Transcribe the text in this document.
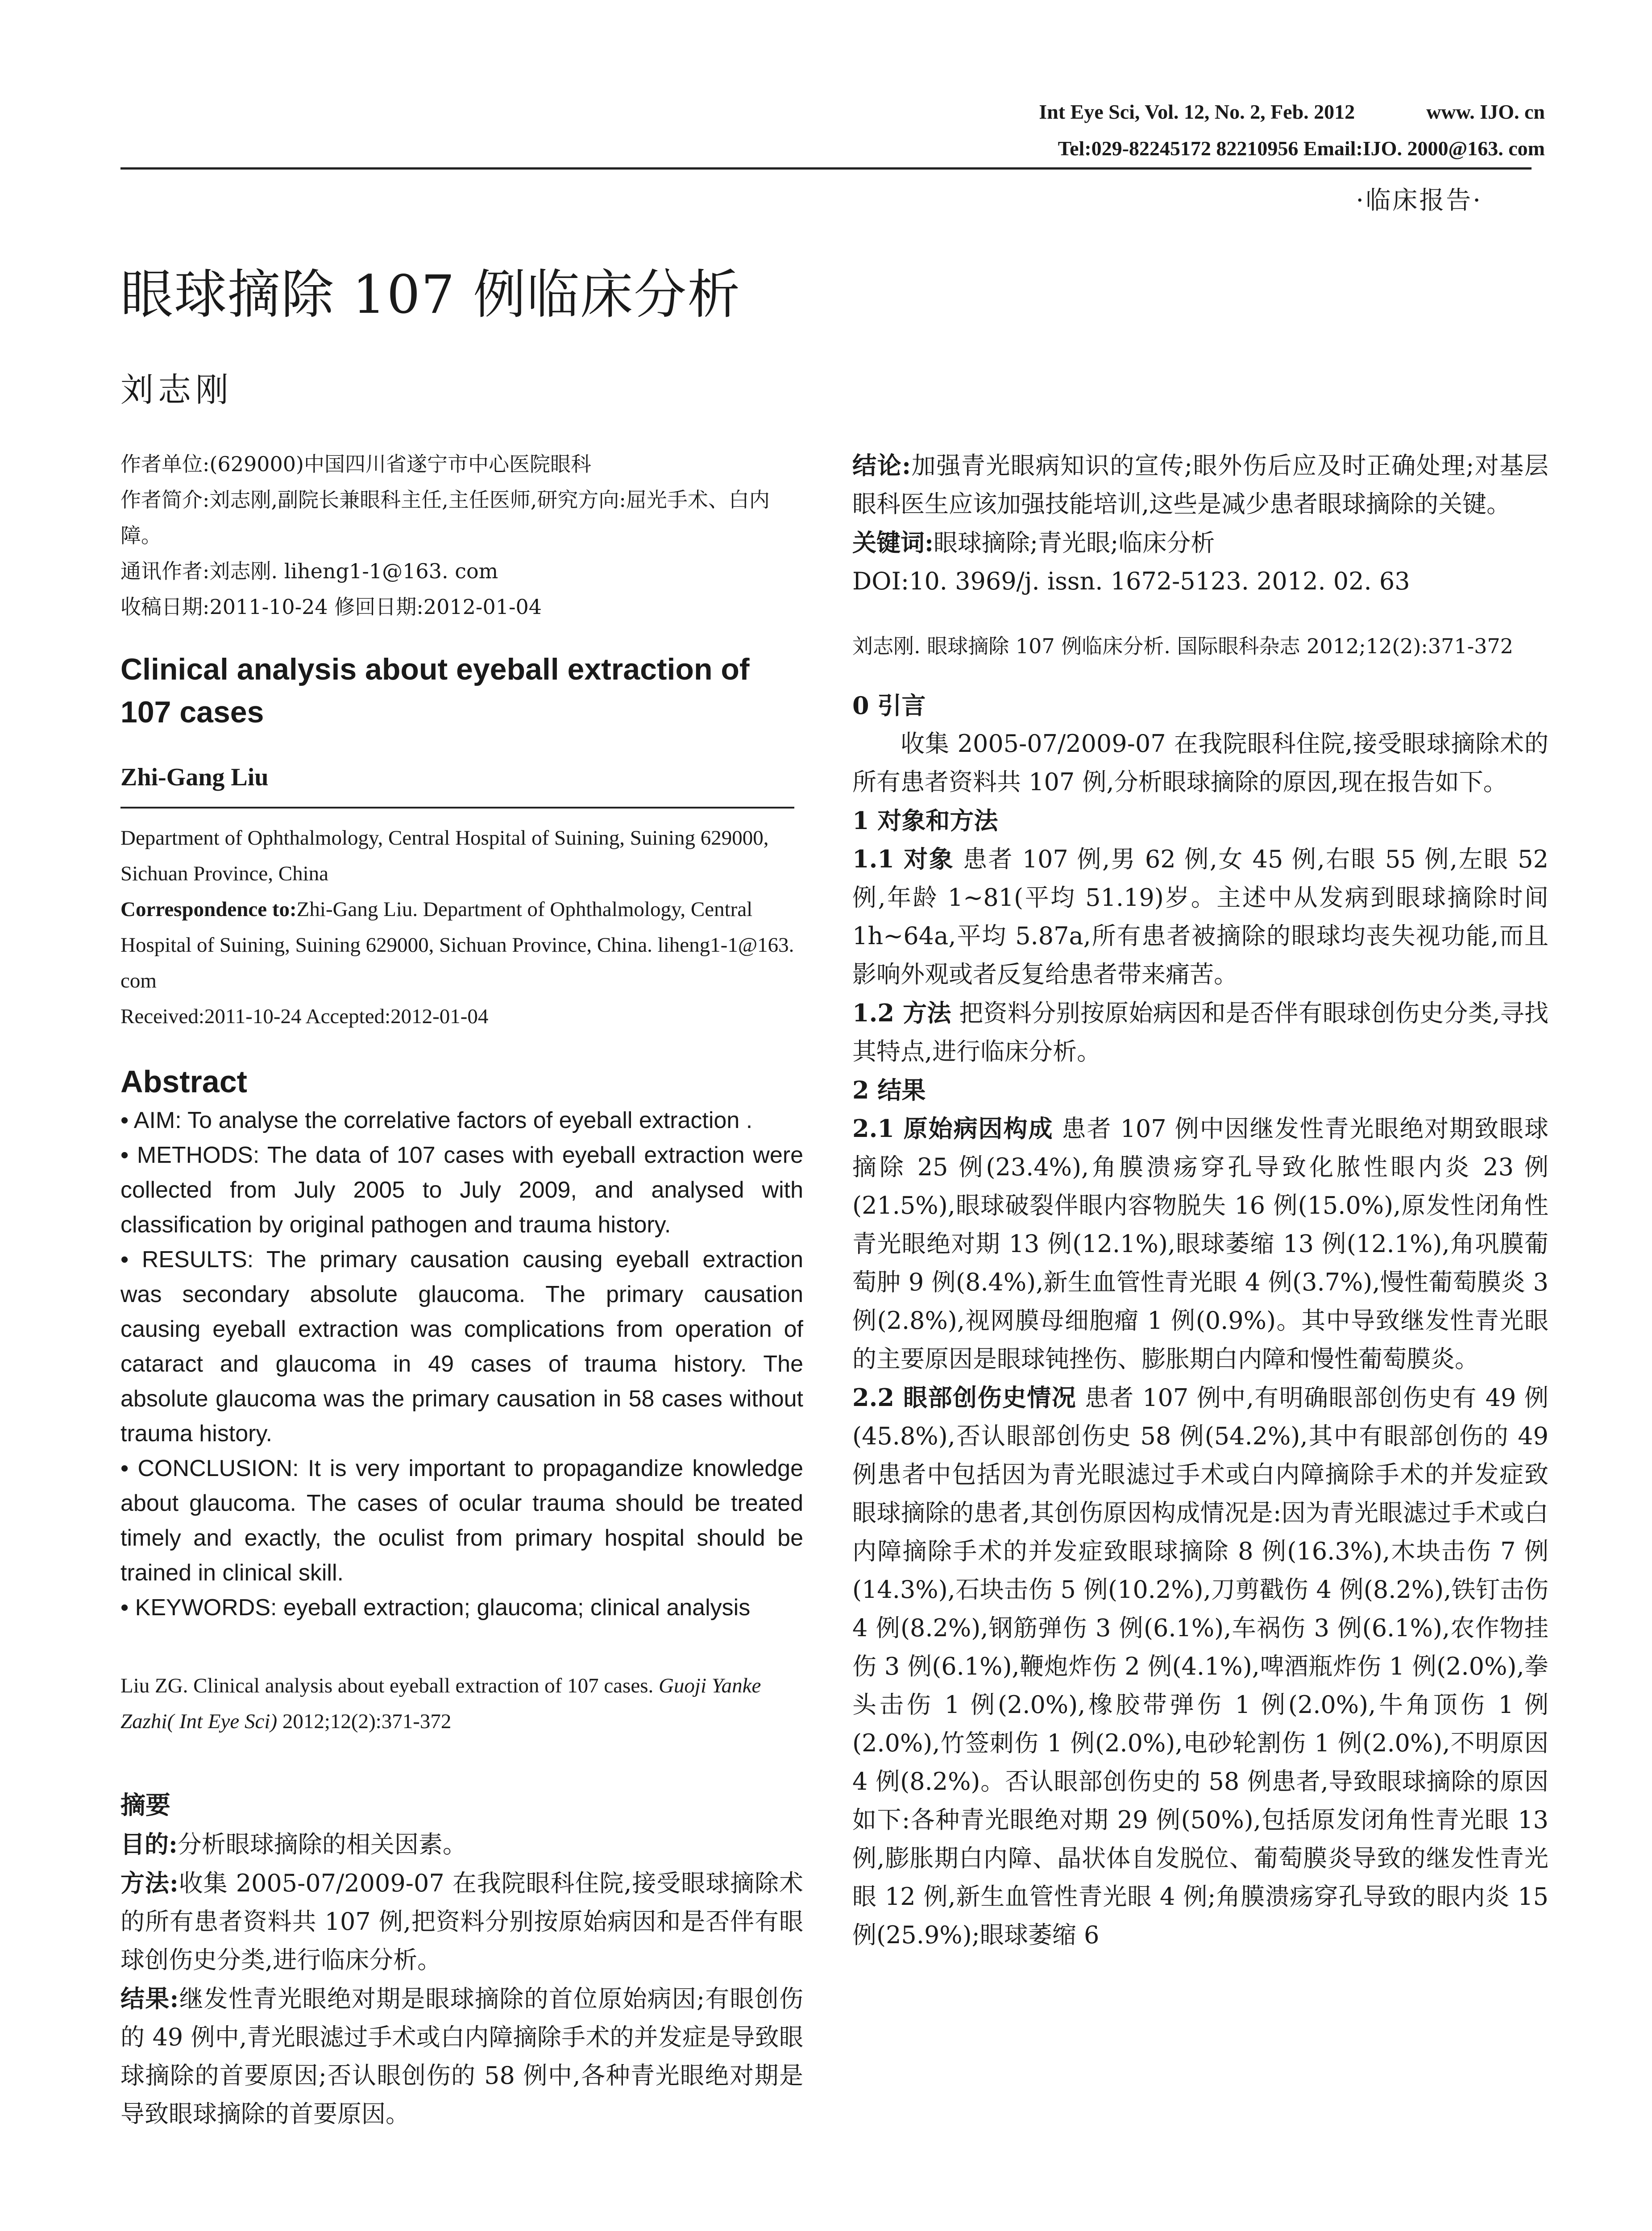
Int Eye Sci, Vol. 12, No. 2, Feb. 2012	www. IJO. cn
Tel:029-82245172 82210956 Email:IJO. 2000@163. com
·临床报告·
眼球摘除 107 例临床分析
刘志刚

作者单位:(629000)中国四川省遂宁市中心医院眼科

作者简介:刘志刚,副院长兼眼科主任,主任医师,研究方向:屈光手术、白内障。

通讯作者:刘志刚. liheng1-1@163. com

收稿日期:2011-10-24 修回日期:2012-01-04

Clinical analysis about eyeball extraction of 107 cases
Zhi-Gang Liu

Department of Ophthalmology, Central Hospital of Suining, Suining 629000, Sichuan Province, China

Correspondence to:Zhi-Gang Liu. Department of Ophthalmology, Central Hospital of Suining, Suining 629000, Sichuan Province, China. liheng1-1@163. com

Received:2011-10-24 Accepted:2012-01-04

Abstract

• AIM: To analyse the correlative factors of eyeball extraction .

• METHODS: The data of 107 cases with eyeball extraction were collected from July 2005 to July 2009, and analysed with classification by original pathogen and trauma history.

• RESULTS: The primary causation causing eyeball extraction was secondary absolute glaucoma. The primary causation causing eyeball extraction was complications from operation of cataract and glaucoma in 49 cases of trauma history. The absolute glaucoma was the primary causation in 58 cases without trauma history.

• CONCLUSION: It is very important to propagandize knowledge about glaucoma. The cases of ocular trauma should be treated timely and exactly, the oculist from primary hospital should be trained in clinical skill.

• KEYWORDS: eyeball extraction; glaucoma; clinical analysis

Liu ZG. Clinical analysis about eyeball extraction of 107 cases. Guoji Yanke Zazhi( Int Eye Sci) 2012;12(2):371-372

摘要

目的:分析眼球摘除的相关因素。

方法:收集 2005-07/2009-07 在我院眼科住院,接受眼球摘除术的所有患者资料共 107 例,把资料分别按原始病因和是否伴有眼球创伤史分类,进行临床分析。

结果:继发性青光眼绝对期是眼球摘除的首位原始病因;有眼创伤的 49 例中,青光眼滤过手术或白内障摘除手术的并发症是导致眼球摘除的首要原因;否认眼创伤的 58 例中,各种青光眼绝对期是导致眼球摘除的首要原因。

结论:加强青光眼病知识的宣传;眼外伤后应及时正确处理;对基层眼科医生应该加强技能培训,这些是减少患者眼球摘除的关键。

关键词:眼球摘除;青光眼;临床分析

DOI:10. 3969/j. issn. 1672-5123. 2012. 02. 63

刘志刚. 眼球摘除 107 例临床分析. 国际眼科杂志 2012;12(2):371-372

0 引言

收集 2005-07/2009-07 在我院眼科住院,接受眼球摘除术的所有患者资料共 107 例,分析眼球摘除的原因,现在报告如下。

1 对象和方法

1.1 对象 患者 107 例,男 62 例,女 45 例,右眼 55 例,左眼 52 例,年龄 1~81(平均 51.19)岁。主述中从发病到眼球摘除时间 1h~64a,平均 5.87a,所有患者被摘除的眼球均丧失视功能,而且影响外观或者反复给患者带来痛苦。

1.2 方法 把资料分别按原始病因和是否伴有眼球创伤史分类,寻找其特点,进行临床分析。

2 结果

2.1 原始病因构成 患者 107 例中因继发性青光眼绝对期致眼球摘除 25 例(23.4%),角膜溃疡穿孔导致化脓性眼内炎 23 例(21.5%),眼球破裂伴眼内容物脱失 16 例(15.0%),原发性闭角性青光眼绝对期 13 例(12.1%),眼球萎缩 13 例(12.1%),角巩膜葡萄肿 9 例(8.4%),新生血管性青光眼 4 例(3.7%),慢性葡萄膜炎 3 例(2.8%),视网膜母细胞瘤 1 例(0.9%)。其中导致继发性青光眼的主要原因是眼球钝挫伤、膨胀期白内障和慢性葡萄膜炎。

2.2 眼部创伤史情况 患者 107 例中,有明确眼部创伤史有 49 例(45.8%),否认眼部创伤史 58 例(54.2%),其中有眼部创伤的 49 例患者中包括因为青光眼滤过手术或白内障摘除手术的并发症致眼球摘除的患者,其创伤原因构成情况是:因为青光眼滤过手术或白内障摘除手术的并发症致眼球摘除 8 例(16.3%),木块击伤 7 例(14.3%),石块击伤 5 例(10.2%),刀剪戳伤 4 例(8.2%),铁钉击伤 4 例(8.2%),钢筋弹伤 3 例(6.1%),车祸伤 3 例(6.1%),农作物挂伤 3 例(6.1%),鞭炮炸伤 2 例(4.1%),啤酒瓶炸伤 1 例(2.0%),拳头击伤 1 例(2.0%),橡胶带弹伤 1 例(2.0%),牛角顶伤 1 例(2.0%),竹签刺伤 1 例(2.0%),电砂轮割伤 1 例(2.0%),不明原因 4 例(8.2%)。否认眼部创伤史的 58 例患者,导致眼球摘除的原因如下:各种青光眼绝对期 29 例(50%),包括原发闭角性青光眼 13 例,膨胀期白内障、晶状体自发脱位、葡萄膜炎导致的继发性青光眼 12 例,新生血管性青光眼 4 例;角膜溃疡穿孔导致的眼内炎 15 例(25.9%);眼球萎缩 6
